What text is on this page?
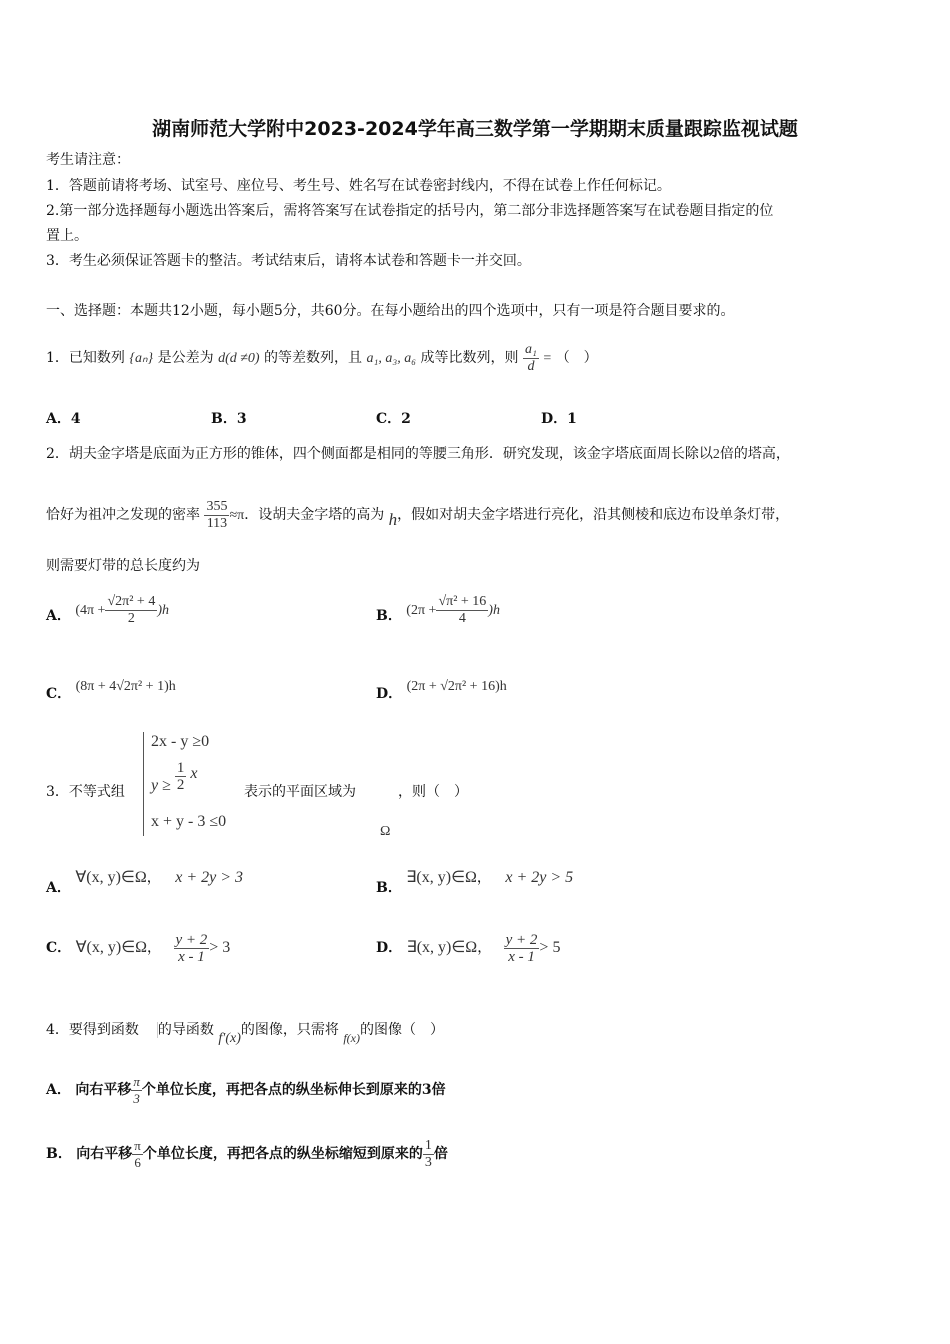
湖南师范大学附中2023-2024学年高三数学第一学期期末质量跟踪监视试题
考生请注意：
1．答题前请将考场、试室号、座位号、考生号、姓名写在试卷密封线内，不得在试卷上作任何标记。
2.第一部分选择题每小题选出答案后，需将答案写在试卷指定的括号内，第二部分非选择题答案写在试卷题目指定的位
置上。
3．考生必须保证答题卡的整洁。考试结束后，请将本试卷和答题卡一并交回。
一、选择题：本题共12小题，每小题5分，共60分。在每小题给出的四个选项中，只有一项是符合题目要求的。
1．已知数列 {aₙ} 是公差为 d(d ≠0) 的等差数列，且 a₁, a₃, a₆ 成等比数列，则 $\frac{\text{a₁}}{d}$ = （　）
A．4	B．3	C．2	D．1
2．胡夫金字塔是底面为正方形的锥体，四个侧面都是相同的等腰三角形．研究发现，该金字塔底面周长除以2倍的塔高，
恰好为祖冲之发现的密率 $\frac{355}{113} \approx\pi$．设胡夫金字塔的高为 h，假如对胡夫金字塔进行亮化，沿其侧棱和底边布设单条灯带，
则需要灯带的总长度约为
A． $(4\pi + \frac{\text{√2π² + 4}}{2} )h$	B． $(2\pi + \frac{\text{√π² + 16}}{4} )h$
C． (8π + 4√2π² + 1)h	D． (2π + √2π² + 16)h
3．不等式组
2x - y ≥0
$y \ge \frac{1}{2}$ x
x + y - 3 ≤0
表示的平面区域为	，则（　）
Ω
A． ∀(x, y)∈Ω， x + 2y > 3
B． ∃(x, y)∈Ω， x + 2y > 5
C． ∀(x, y)∈Ω， $\frac{y + 2}{x - 1} > 3$	D． ∃(x, y)∈Ω， $\frac{y + 2}{x - 1} > 5$
4．要得到函数 的导函数 f′(x)的图像，只需将 f(x)的图像（　）
A． 向右平移 $\frac{\pi}{3}$ 个单位长度，再把各点的纵坐标伸长到原来的3倍
B． 向右平移 $\frac{\pi}{6}$ 个单位长度，再把各点的纵坐标缩短到原来的 $\frac{1}{3}$ 倍
